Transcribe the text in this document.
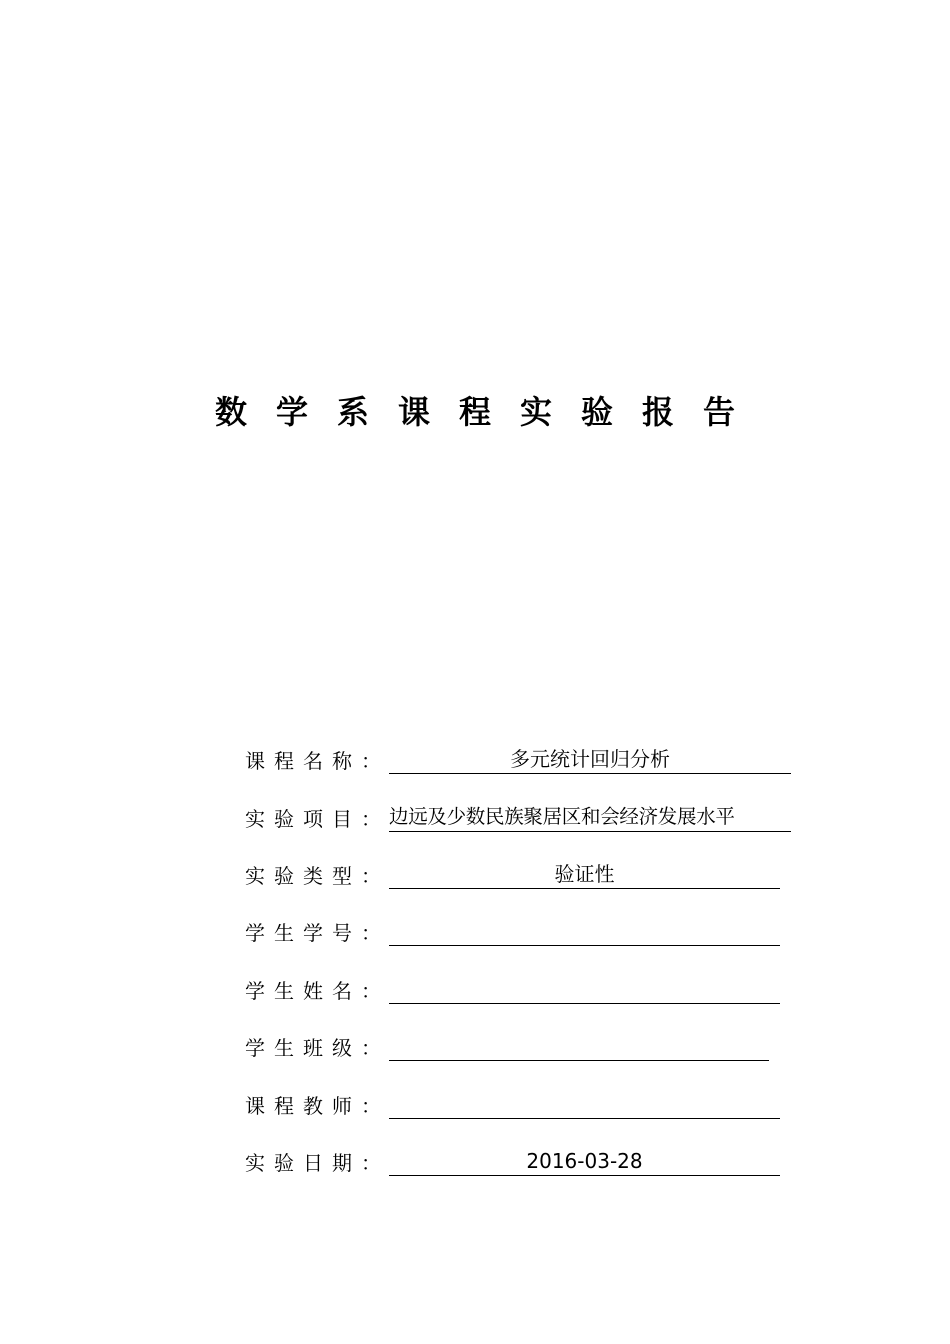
数学系课程实验报告
课程名称：	多元统计回归分析
实验项目： 边远及少数民族聚居区和会经济发展水平
实验类型：	验证性
学生学号：
学生姓名：
学生班级：
课程教师：
实验日期：	2016-03-28
